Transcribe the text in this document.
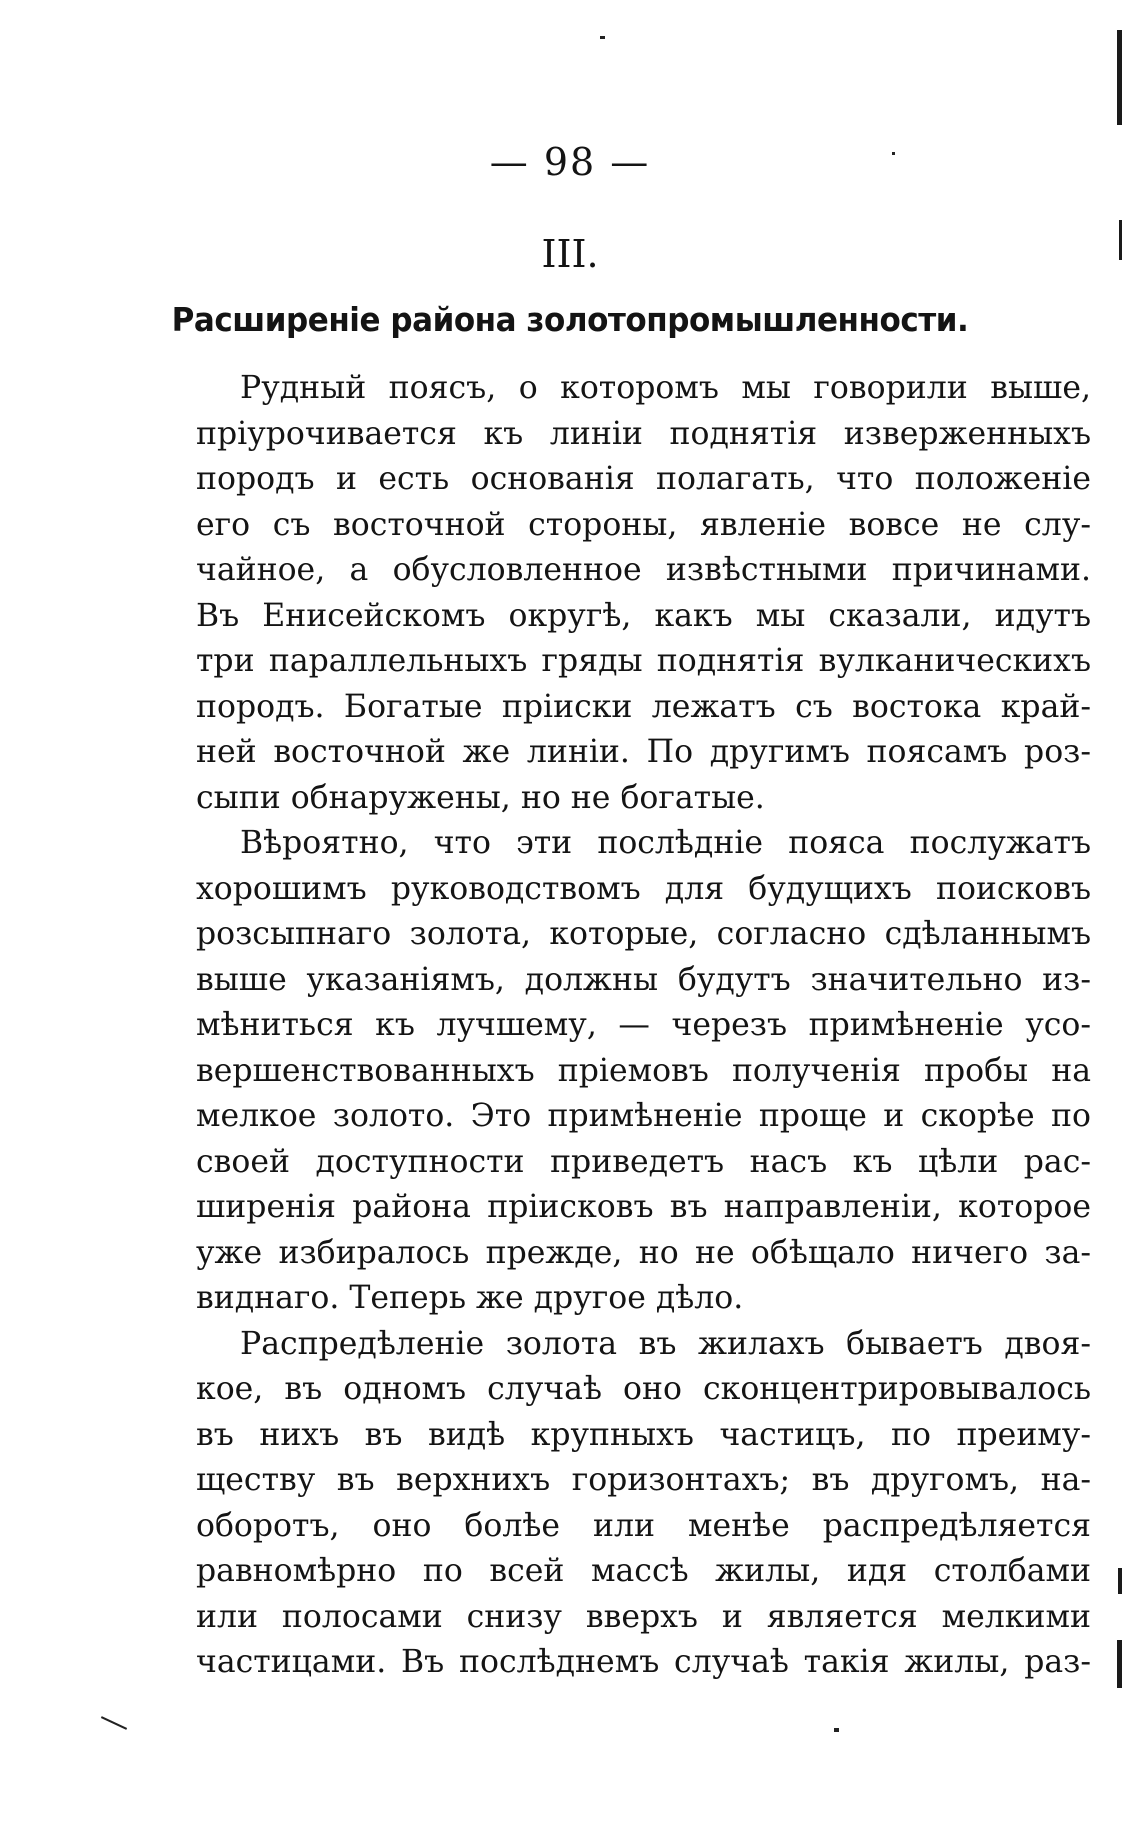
— 98 —
III.
Расширеніе района золотопромышленности.
Рудный поясъ, о которомъ мы говорили выше,
пріурочивается къ линіи поднятія изверженныхъ
породъ и есть основанія полагать, что положеніе
его съ восточной стороны, явленіе вовсе не слу-
чайное, а обусловленное извѣстными причинами.
Въ Енисейскомъ округѣ, какъ мы сказали, идутъ
три параллельныхъ гряды поднятія вулканическихъ
породъ. Богатые пріиски лежатъ съ востока край-
ней восточной же линіи. По другимъ поясамъ роз-
сыпи обнаружены, но не богатые.
Вѣроятно, что эти послѣдніе пояса послужатъ
хорошимъ руководствомъ для будущихъ поисковъ
розсыпнаго золота, которые, согласно сдѣланнымъ
выше указаніямъ, должны будутъ значительно из-
мѣниться къ лучшему, — черезъ примѣненіе усо-
вершенствованныхъ пріемовъ полученія пробы на
мелкое золото. Это примѣненіе проще и скорѣе по
своей доступности приведетъ насъ къ цѣли рас-
ширенія района пріисковъ въ направленіи, которое
уже избиралось прежде, но не обѣщало ничего за-
виднаго. Теперь же другое дѣло.
Распредѣленіе золота въ жилахъ бываетъ двоя-
кое, въ одномъ случаѣ оно сконцентрировывалось
въ нихъ въ видѣ крупныхъ частицъ, по преиму-
ществу въ верхнихъ горизонтахъ; въ другомъ, на-
оборотъ, оно болѣе или менѣе распредѣляется
равномѣрно по всей массѣ жилы, идя столбами
или полосами снизу вверхъ и является мелкими
частицами. Въ послѣднемъ случаѣ такія жилы, раз-
